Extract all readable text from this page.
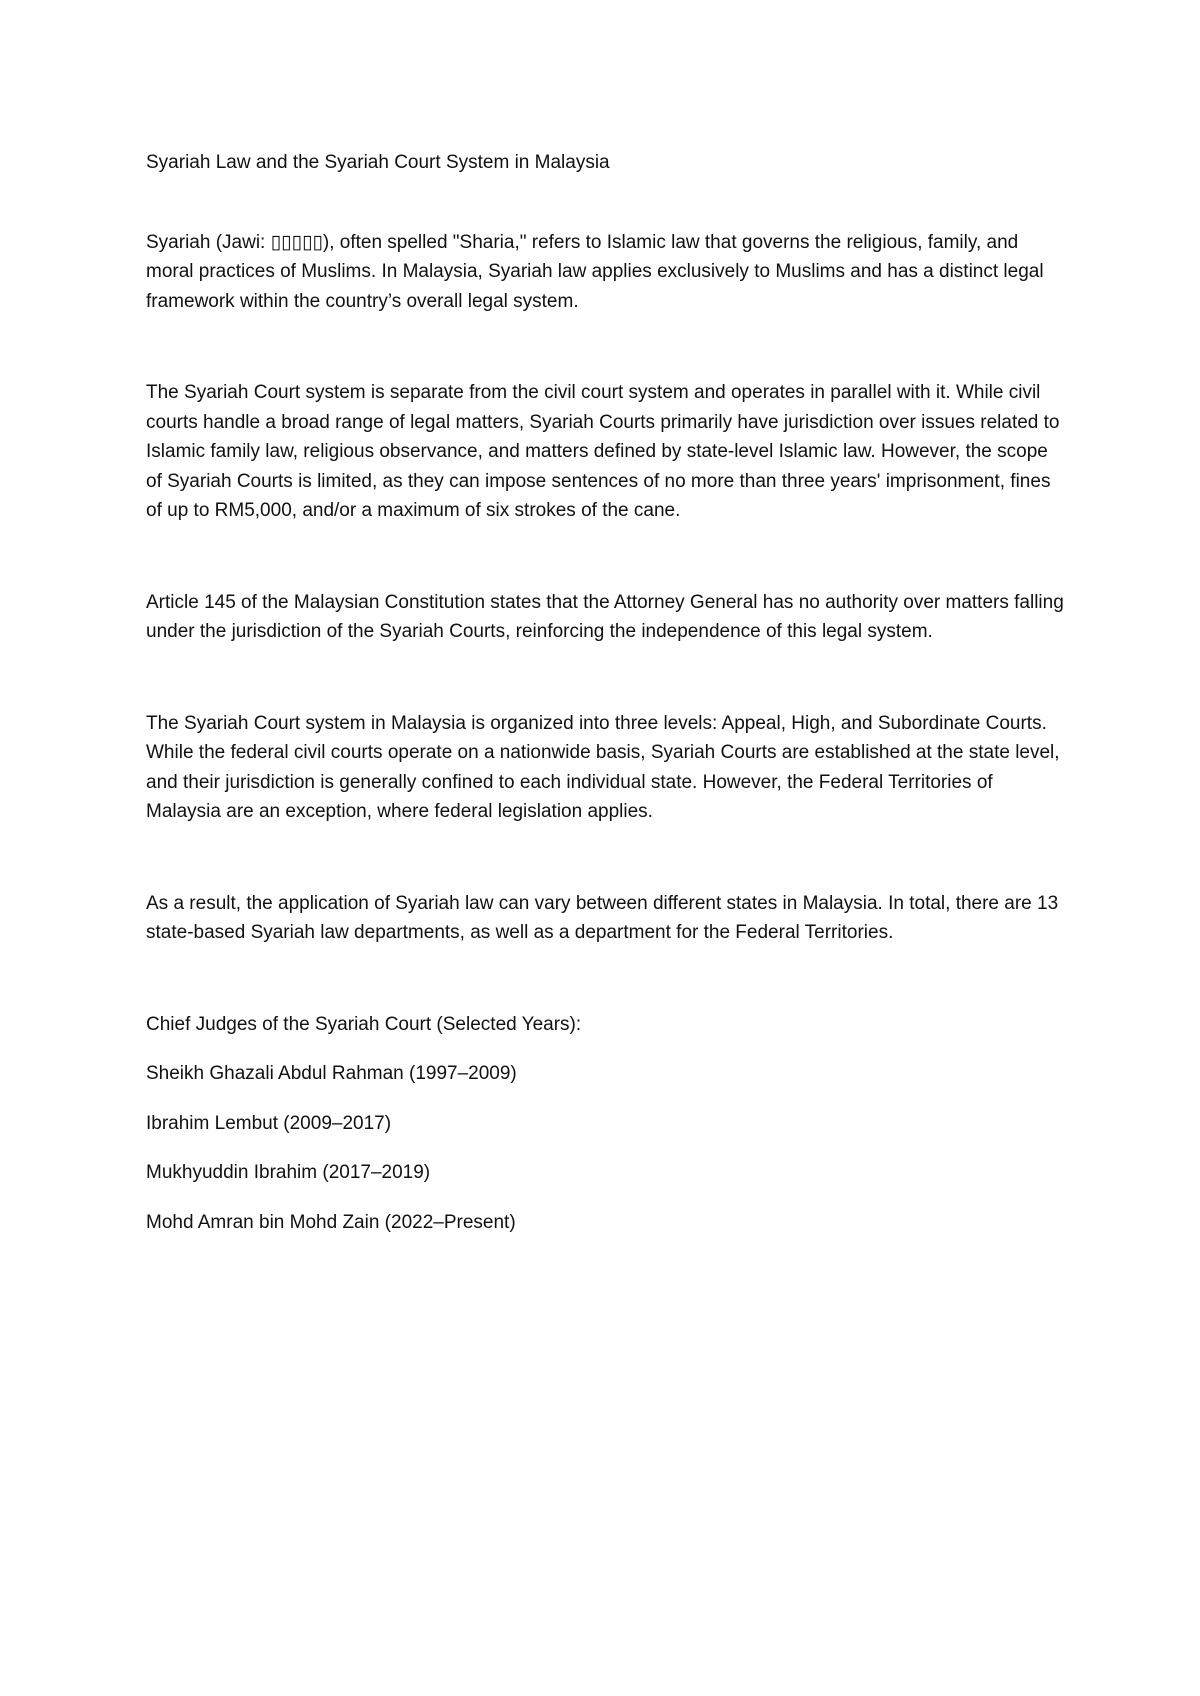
Syariah Law and the Syariah Court System in Malaysia
Syariah (Jawi: ▯▯▯▯▯), often spelled "Sharia," refers to Islamic law that governs the religious, family, and moral practices of Muslims. In Malaysia, Syariah law applies exclusively to Muslims and has a distinct legal framework within the country’s overall legal system.
The Syariah Court system is separate from the civil court system and operates in parallel with it. While civil courts handle a broad range of legal matters, Syariah Courts primarily have jurisdiction over issues related to Islamic family law, religious observance, and matters defined by state-level Islamic law. However, the scope of Syariah Courts is limited, as they can impose sentences of no more than three years' imprisonment, fines of up to RM5,000, and/or a maximum of six strokes of the cane.
Article 145 of the Malaysian Constitution states that the Attorney General has no authority over matters falling under the jurisdiction of the Syariah Courts, reinforcing the independence of this legal system.
The Syariah Court system in Malaysia is organized into three levels: Appeal, High, and Subordinate Courts. While the federal civil courts operate on a nationwide basis, Syariah Courts are established at the state level, and their jurisdiction is generally confined to each individual state. However, the Federal Territories of Malaysia are an exception, where federal legislation applies.
As a result, the application of Syariah law can vary between different states in Malaysia. In total, there are 13 state-based Syariah law departments, as well as a department for the Federal Territories.
Chief Judges of the Syariah Court (Selected Years):
Sheikh Ghazali Abdul Rahman (1997–2009)
Ibrahim Lembut (2009–2017)
Mukhyuddin Ibrahim (2017–2019)
Mohd Amran bin Mohd Zain (2022–Present)
